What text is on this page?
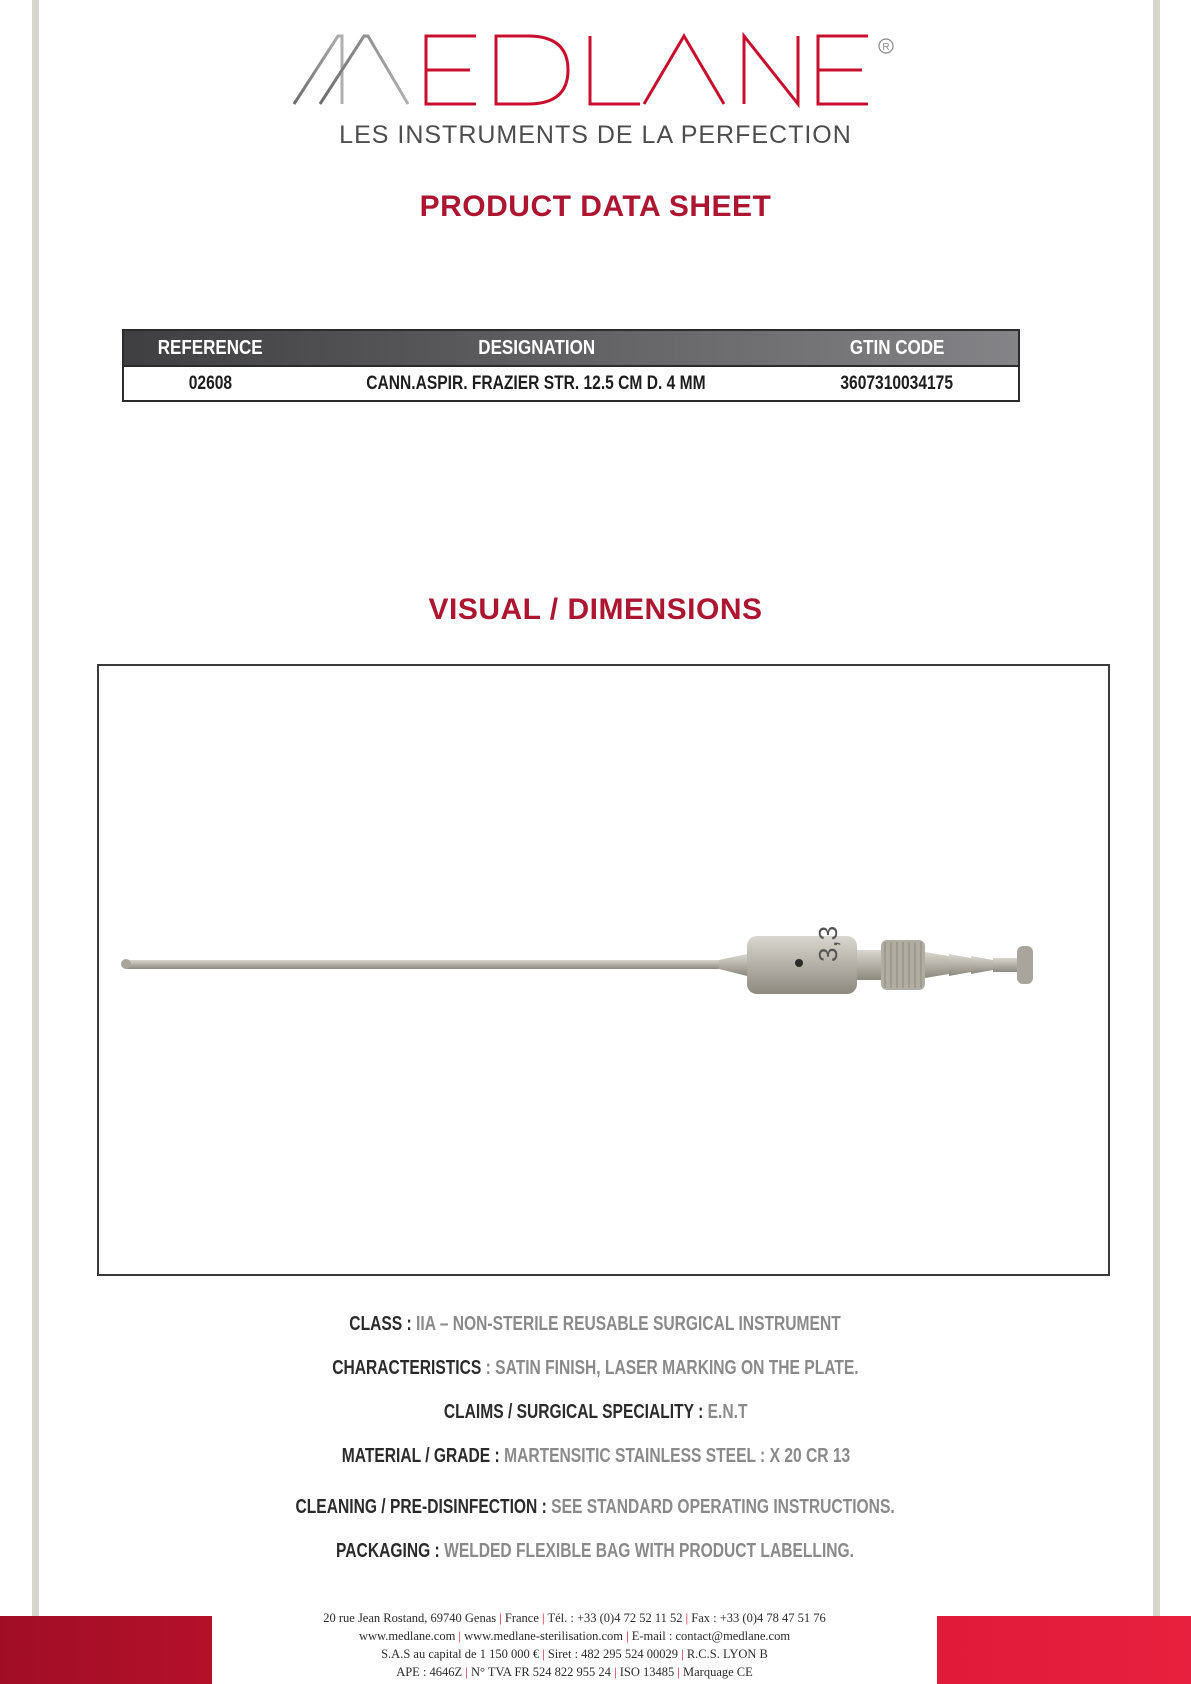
R
LES INSTRUMENTS DE LA PERFECTION
PRODUCT DATA SHEET
REFERENCE	DESIGNATION	GTIN CODE
02608	CANN.ASPIR. FRAZIER STR. 12.5 CM D. 4 MM	3607310034175
VISUAL / DIMENSIONS
3,3
CLASS : IIA – NON-STERILE REUSABLE SURGICAL INSTRUMENT
CHARACTERISTICS : SATIN FINISH, LASER MARKING ON THE PLATE.
CLAIMS / SURGICAL SPECIALITY : E.N.T
MATERIAL / GRADE : MARTENSITIC STAINLESS STEEL : X 20 CR 13
CLEANING / PRE-DISINFECTION : SEE STANDARD OPERATING INSTRUCTIONS.
PACKAGING : WELDED FLEXIBLE BAG WITH PRODUCT LABELLING.
20 rue Jean Rostand, 69740 Genas | France | Tél. : +33 (0)4 72 52 11 52 | Fax : +33 (0)4 78 47 51 76
www.medlane.com | www.medlane-sterilisation.com | E-mail : contact@medlane.com
S.A.S au capital de 1 150 000 € | Siret : 482 295 524 00029 | R.C.S. LYON B
APE : 4646Z | N° TVA FR 524 822 955 24 | ISO 13485 | Marquage CE
